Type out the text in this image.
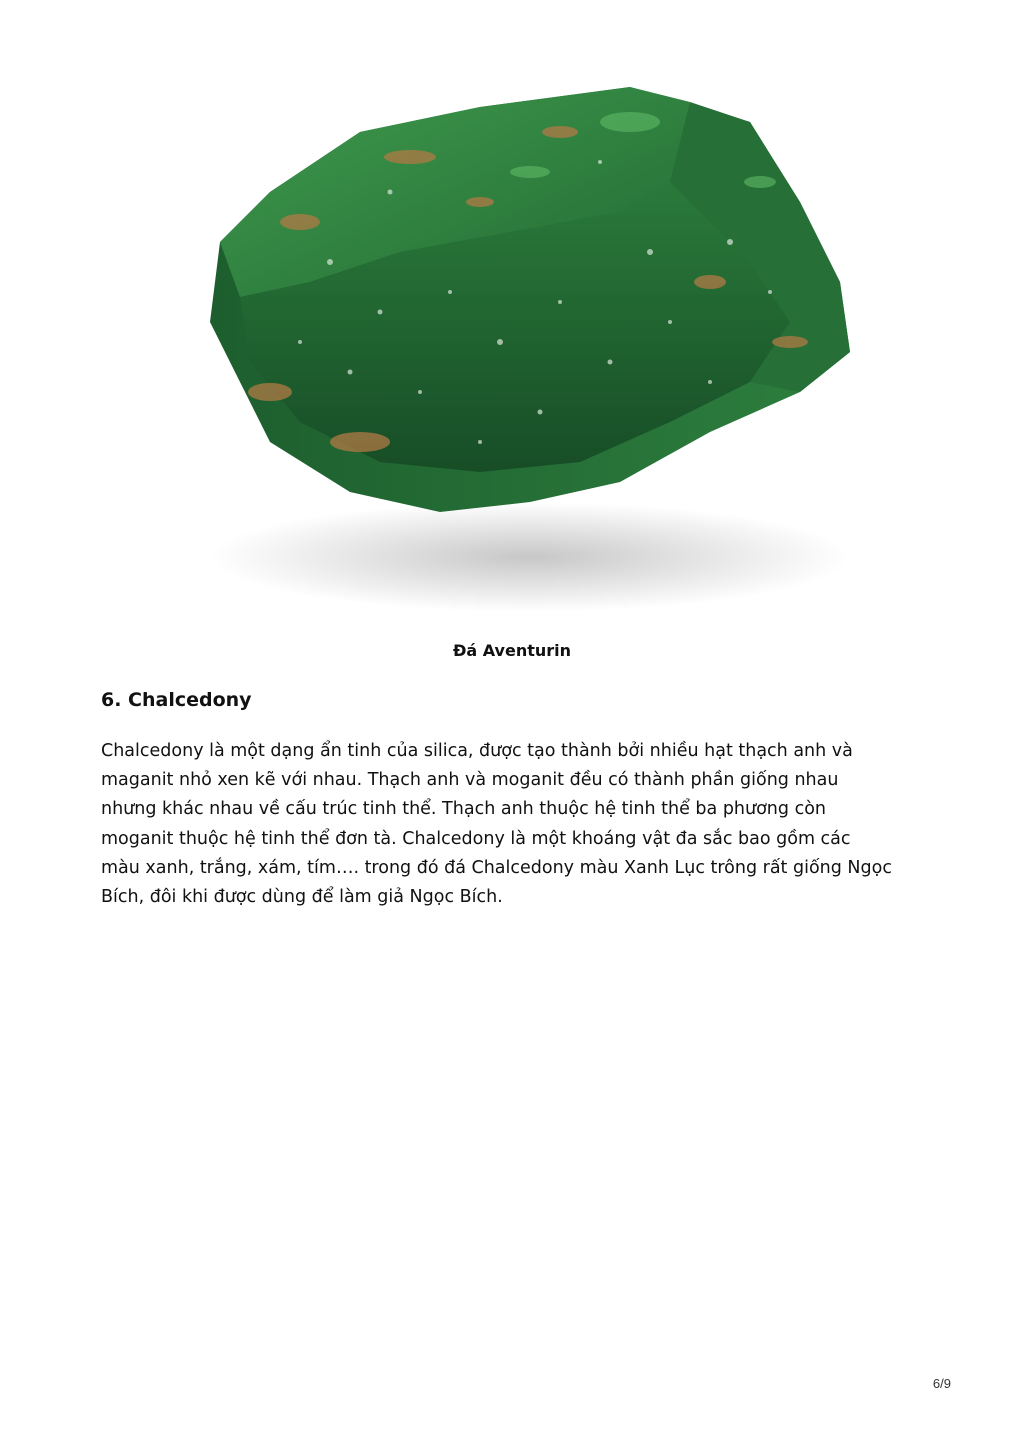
Đá Aventurin
6. Chalcedony

Chalcedony là một dạng ẩn tinh của silica, được tạo thành bởi nhiều hạt thạch anh và
maganit nhỏ xen kẽ với nhau. Thạch anh và moganit đều có thành phần giống nhau
nhưng khác nhau về cấu trúc tinh thể. Thạch anh thuộc hệ tinh thể ba phương còn
moganit thuộc hệ tinh thể đơn tà. Chalcedony là một khoáng vật đa sắc bao gồm các
màu xanh, trắng, xám, tím…. trong đó đá Chalcedony màu Xanh Lục trông rất giống Ngọc
Bích, đôi khi được dùng để làm giả Ngọc Bích.

6/9
